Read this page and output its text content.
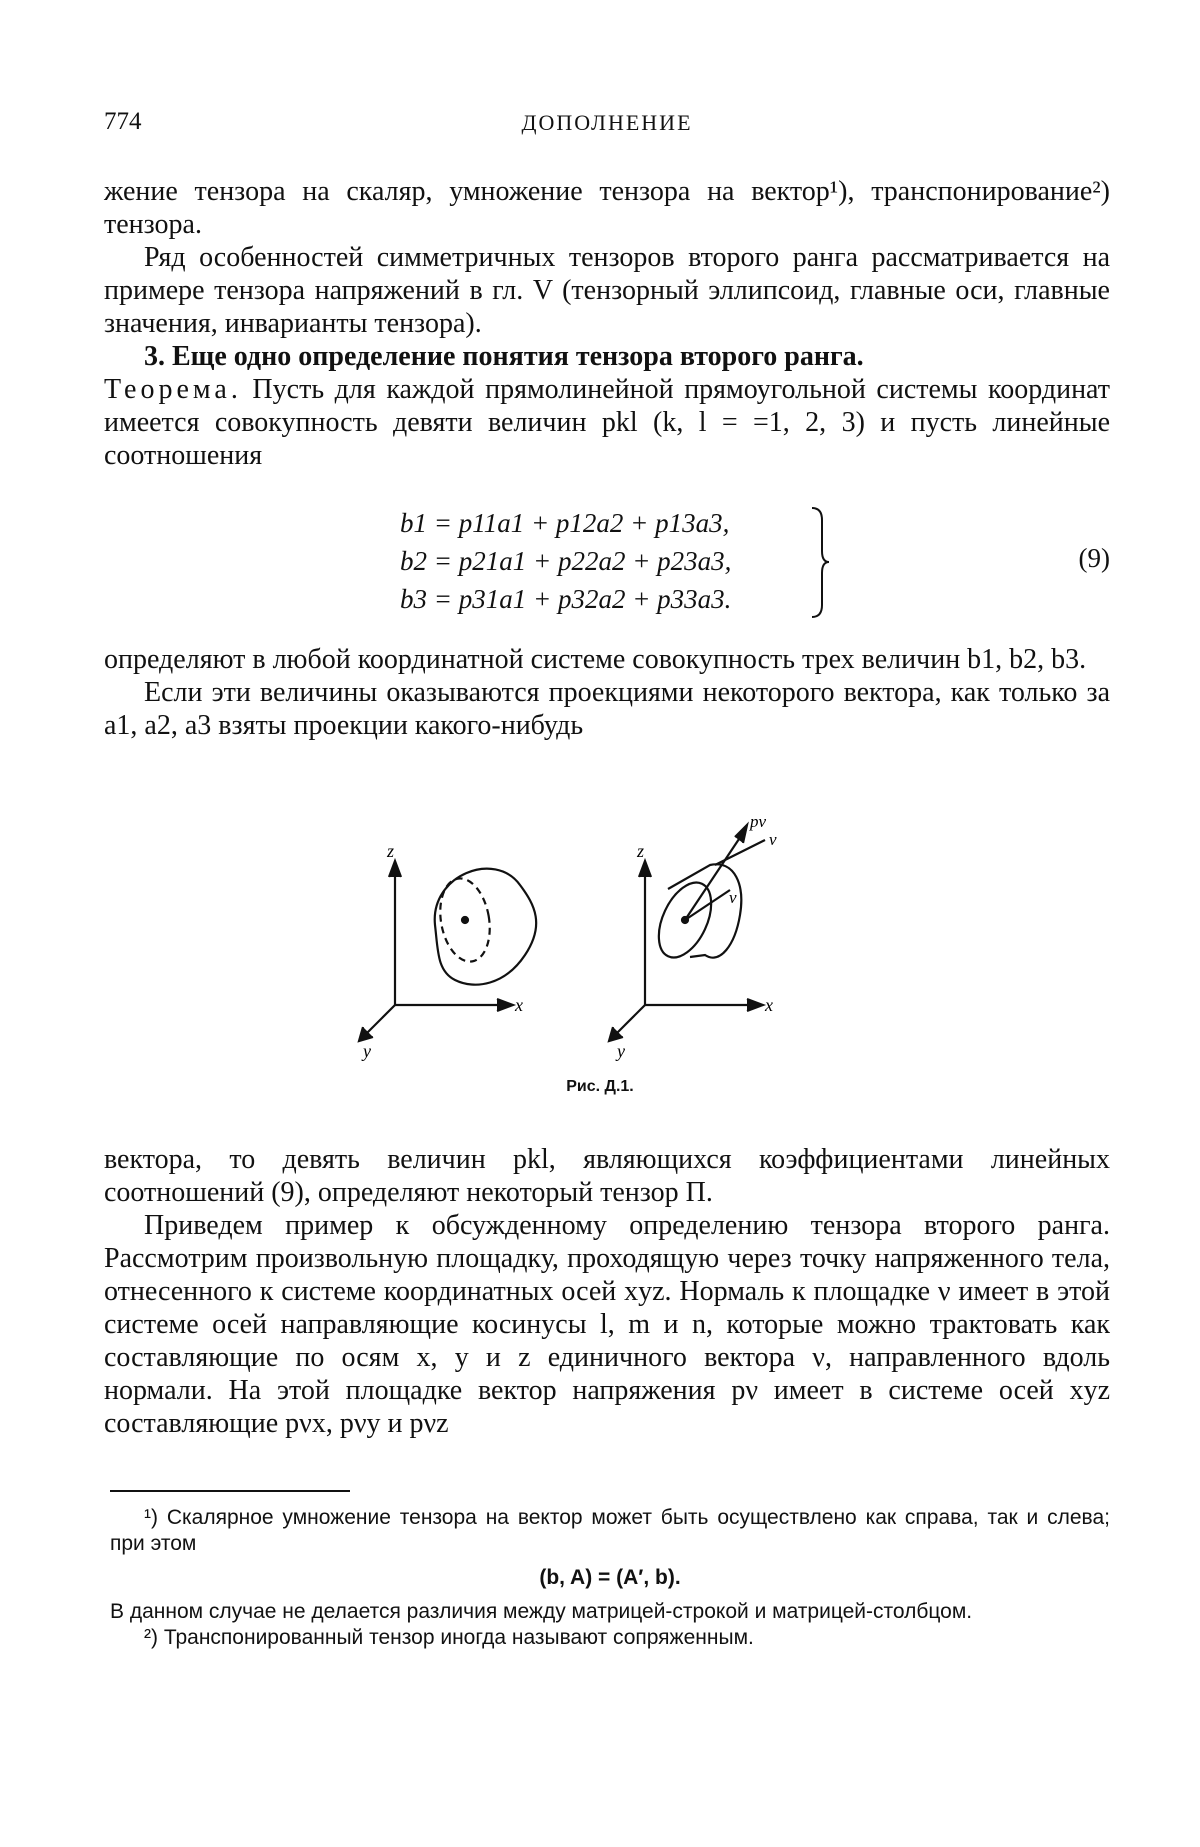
774	ДОПОЛНЕНИЕ

жение тензора на скаляр, умножение тензора на вектор¹), транспонирование²) тензора.

Ряд особенностей симметричных тензоров второго ранга рассматривается на примере тензора напряжений в гл. V (тензорный эллипсоид, главные оси, главные значения, инварианты тензора).

3. Еще одно определение понятия тензора второго ранга.

Теорема. Пусть для каждой прямолинейной прямоугольной системы координат имеется совокупность девяти величин pkl (k, l = =1, 2, 3) и пусть линейные соотношения

b1 = p11a1 + p12a2 + p13a3,
b2 = p21a1 + p22a2 + p23a3,
b3 = p31a1 + p32a2 + p33a3.
(9)

определяют в любой координатной системе совокупность трех величин b1, b2, b3.

Если эти величины оказываются проекциями некоторого вектора, как только за a1, a2, a3 взяты проекции какого-нибудь

z
x
y
z
x
y
pν
ν
ν
Рис. Д.1.

вектора, то девять величин pkl, являющихся коэффициентами линейных соотношений (9), определяют некоторый тензор П.

Приведем пример к обсужденному определению тензора второго ранга. Рассмотрим произвольную площадку, проходящую через точку напряженного тела, отнесенного к системе координатных осей xyz. Нормаль к площадке ν имеет в этой системе осей направляющие косинусы l, m и n, которые можно трактовать как составляющие по осям x, y и z единичного вектора ν, направленного вдоль нормали. На этой площадке вектор напряжения pν имеет в системе осей xyz составляющие pνx, pνy и pνz

¹) Скалярное умножение тензора на вектор может быть осуществлено как справа, так и слева; при этом

(b, A) = (A′, b).

В данном случае не делается различия между матрицей-строкой и матрицей-столбцом.

²) Транспонированный тензор иногда называют сопряженным.
